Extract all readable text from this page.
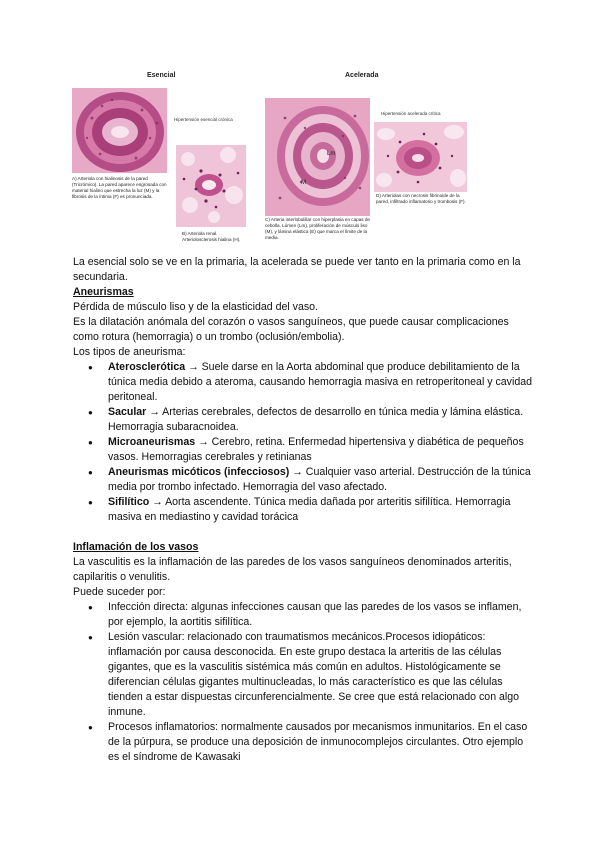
Esencial	Acelerada
A) Arteriola con hialinosis de la pared (Tricrómico). La pared aparece engrosada con material hialino que estrecha la luz (M) y la fibrosis de la íntima (F) es pronunciada.
Hipertensión esencial crónica
B) Arteriola renal. Arteriolosclerosis hialina (H).
Lm
M
C) Arteria interlobulillar con hiperplasia en capas de cebolla. Lúmen (Lm), proliferación de músculo liso (M), y lámina elástica (E) que marca el límite de la media.
Hipertensión acelerada crítica
D) Arteriolas con necrosis fibrinoide de la pared, infiltrado inflamatorio y trombosis (F).

La esencial solo se ve en la primaria, la acelerada se puede ver tanto en la primaria como en la secundaria.

Aneurismas

Pérdida de músculo liso y de la elasticidad del vaso.

Es la dilatación anómala del corazón o vasos sanguíneos, que puede causar complicaciones como rotura (hemorragia) o un trombo (oclusión/embolia).

Los tipos de aneurisma:

● Aterosclerótica → Suele darse en la Aorta abdominal que produce debilitamiento de la túnica media debido a ateroma, causando hemorragia masiva en retroperitoneal y cavidad peritoneal.
● Sacular → Arterias cerebrales, defectos de desarrollo en túnica media y lámina elástica. Hemorragia subaracnoidea.
● Microaneurismas → Cerebro, retina. Enfermedad hipertensiva y diabética de pequeños vasos. Hemorragias cerebrales y retinianas
● Aneurismas micóticos (infecciosos) → Cualquier vaso arterial. Destrucción de la túnica media por trombo infectado. Hemorragia del vaso afectado.
● Sifilítico → Aorta ascendente. Túnica media dañada por arteritis sifilítica. Hemorragia masiva en mediastino y cavidad torácica

Inflamación de los vasos

La vasculitis es la inflamación de las paredes de los vasos sanguíneos denominados arteritis, capilaritis o venulitis.

Puede suceder por:

● Infección directa: algunas infecciones causan que las paredes de los vasos se inflamen, por ejemplo, la aortitis sifilítica.
● Lesión vascular: relacionado con traumatismos mecánicos.Procesos idiopáticos: inflamación por causa desconocida. En este grupo destaca la arteritis de las células gigantes, que es la vasculitis sistémica más común en adultos. Histológicamente se diferencian células gigantes multinucleadas, lo más característico es que las células tienden a estar dispuestas circunferencialmente. Se cree que está relacionado con algo inmune.
● Procesos inflamatorios: normalmente causados por mecanismos inmunitarios. En el caso de la púrpura, se produce una deposición de inmunocomplejos circulantes. Otro ejemplo es el síndrome de Kawasaki
